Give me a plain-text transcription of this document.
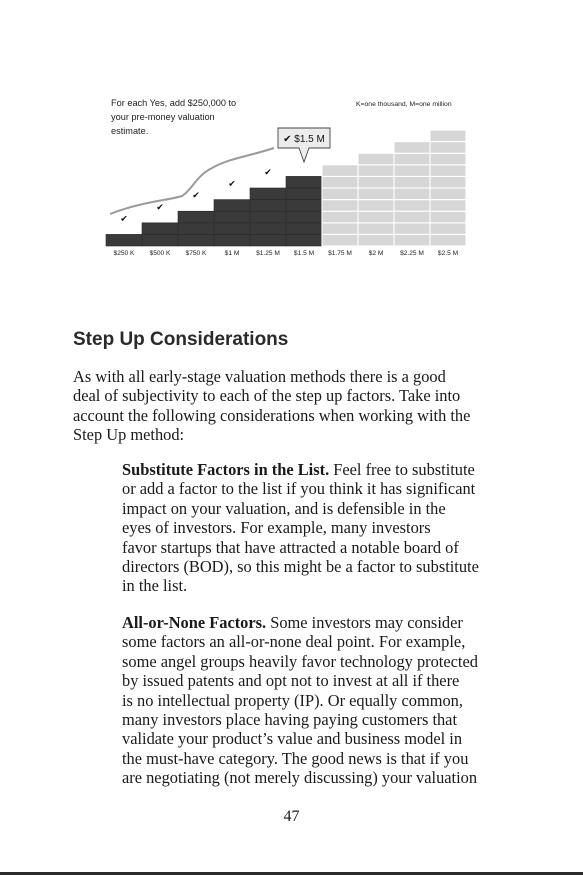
For each Yes, add $250,000 to
your pre-money valuation
estimate.
K=one thousand, M=one million
$250 K $500 K $750 K	$1 M	$1.25 M $1.5 M $1.75 M	$2 M	$2.25 M $2.5 M
✔
✔
✔
✔
✔
✔ $1.5 M
Step Up Considerations

As with all early-stage valuation methods there is a good
deal of subjectivity to each of the step up factors. Take into
account the following considerations when working with the
Step Up method:

Substitute Factors in the List. Feel free to substitute
or add a factor to the list if you think it has significant
impact on your valuation, and is defensible in the
eyes of investors. For example, many investors
favor startups that have attracted a notable board of
directors (BOD), so this might be a factor to substitute
in the list.

All-or-None Factors. Some investors may consider
some factors an all-or-none deal point. For example,
some angel groups heavily favor technology protected
by issued patents and opt not to invest at all if there
is no intellectual property (IP). Or equally common,
many investors place having paying customers that
validate your product’s value and business model in
the must-have category. The good news is that if you
are negotiating (not merely discussing) your valuation

47
